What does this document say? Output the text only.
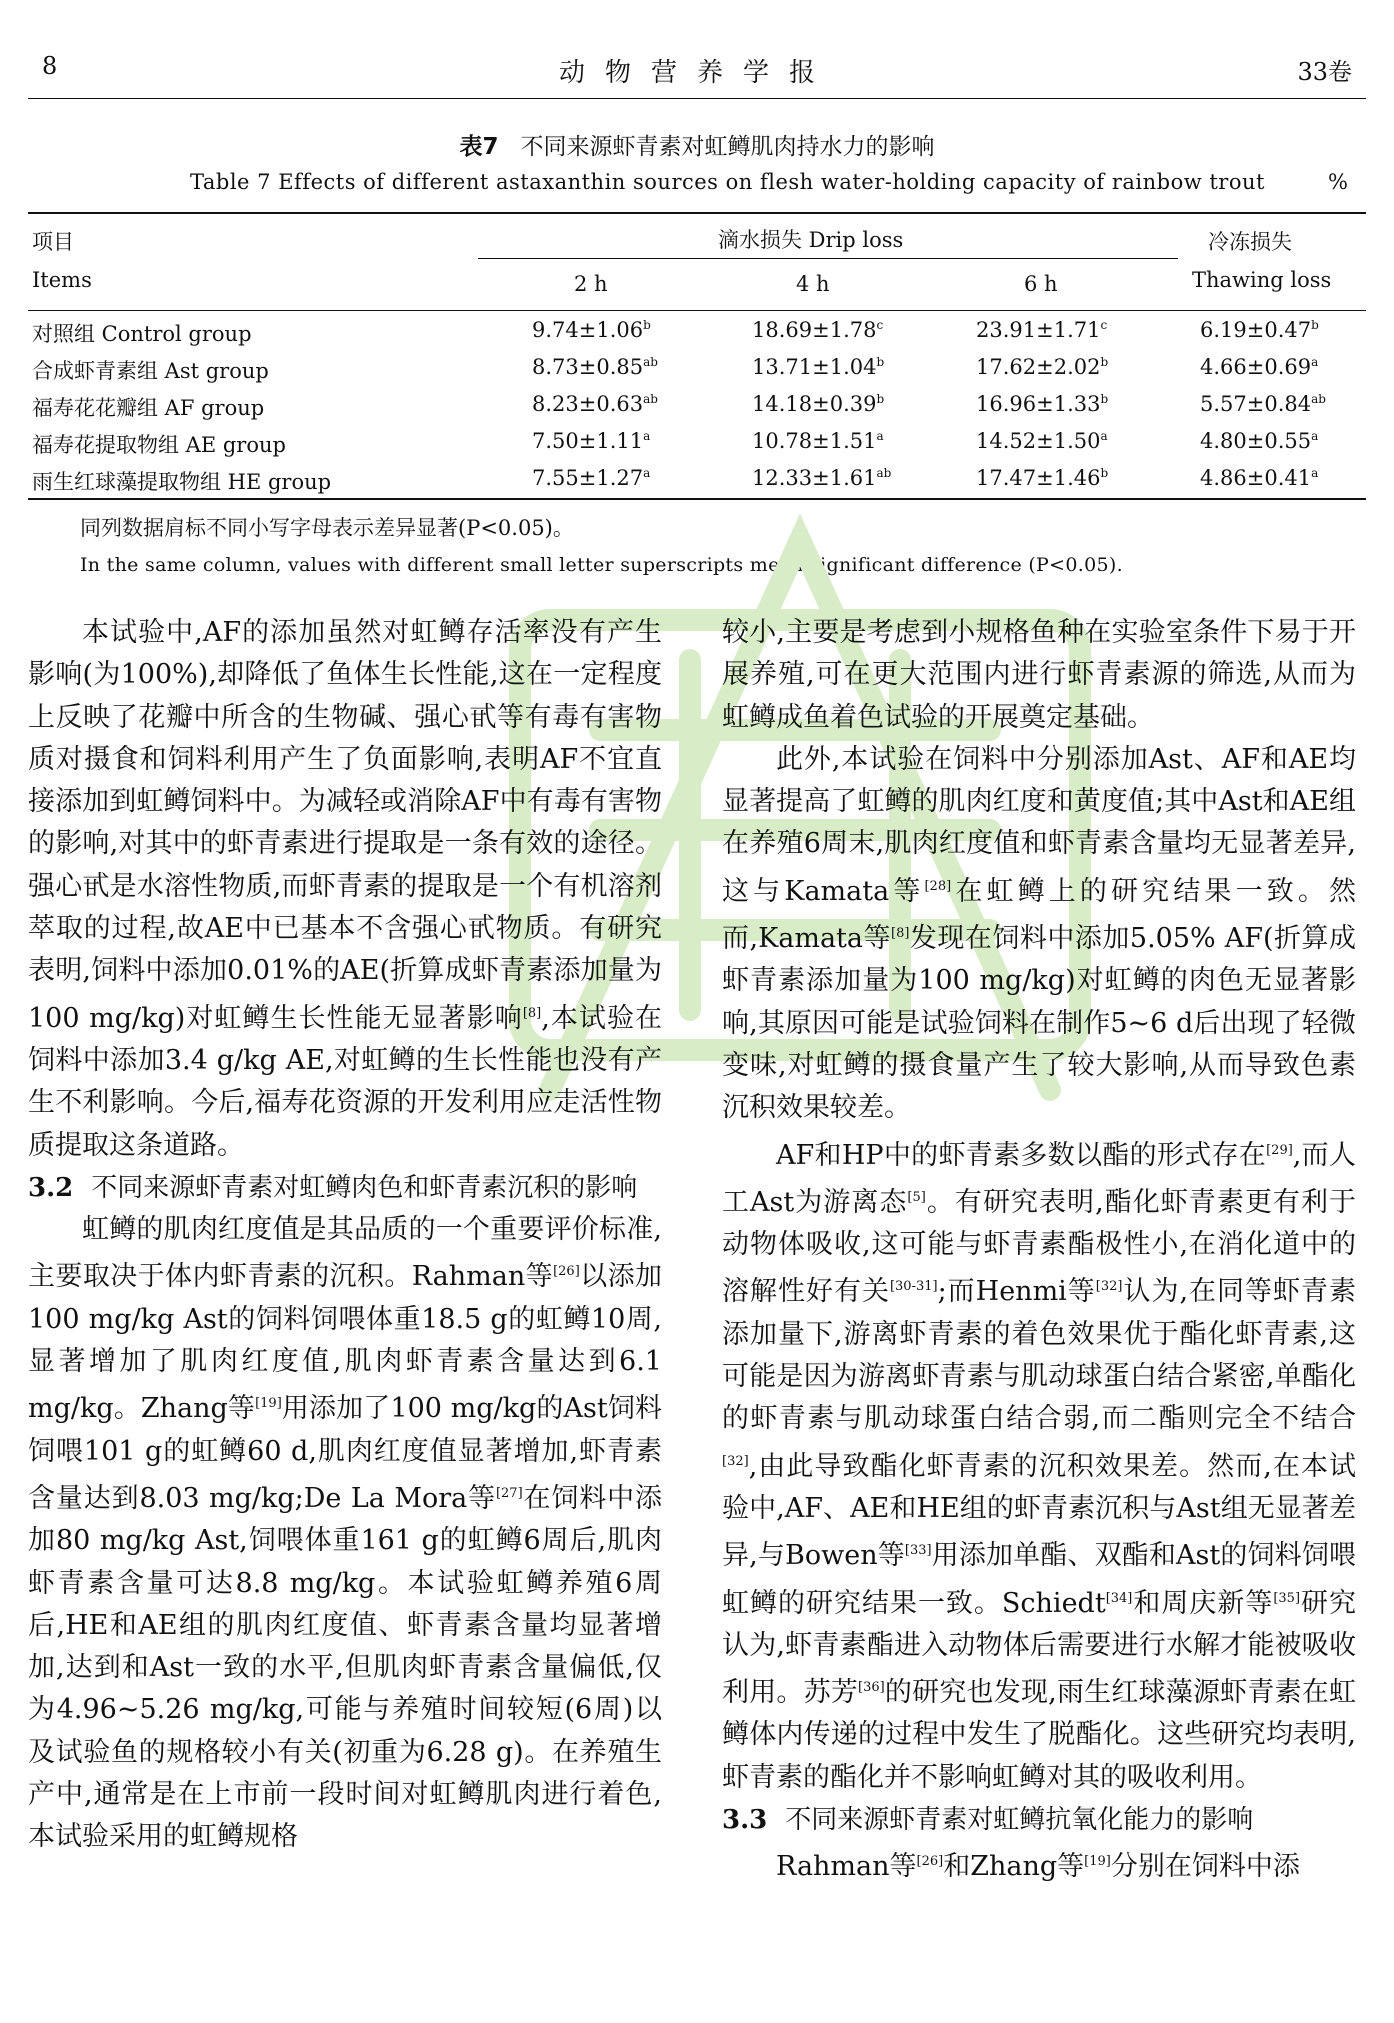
8	动物营养学报	33卷
表7 不同来源虾青素对虹鳟肌肉持水力的影响
Table 7 Effects of different astaxanthin sources on flesh water-holding capacity of rainbow trout	%
项目
Items
滴水损失 Drip loss	冷冻损失
Thawing loss
2 h	4 h	6 h
对照组 Control group	9.74±1.06$^b$	18.69±1.78$^c$	23.91±1.71$^c$	6.19±0.47$^b$
合成虾青素组 Ast group	8.73±0.85$^{ab}$	13.71±1.04$^b$	17.62±2.02$^b$	4.66±0.69$^a$
福寿花花瓣组 AF group	8.23±0.63$^{ab}$	14.18±0.39$^b$	16.96±1.33$^b$	5.57±0.84$^{ab}$
福寿花提取物组 AE group	7.50±1.11$^a$	10.78±1.51$^a$	14.52±1.50$^a$	4.80±0.55$^a$
雨生红球藻提取物组 HE group	7.55±1.27$^a$	12.33±1.61$^{ab}$	17.47±1.46$^b$	4.86±0.41$^a$
同列数据肩标不同小写字母表示差异显著(P<0.05)。
In the same column, values with different small letter superscripts mean significant difference (P<0.05).

本试验中,AF的添加虽然对虹鳟存活率没有产生影响(为100%),却降低了鱼体生长性能,这在一定程度上反映了花瓣中所含的生物碱、强心甙等有毒有害物质对摄食和饲料利用产生了负面影响,表明AF不宜直接添加到虹鳟饲料中。为减轻或消除AF中有毒有害物的影响,对其中的虾青素进行提取是一条有效的途径。强心甙是水溶性物质,而虾青素的提取是一个有机溶剂萃取的过程,故AE中已基本不含强心甙物质。有研究表明,饲料中添加0.01%的AE(折算成虾青素添加量为100 mg/kg)对虹鳟生长性能无显著影响[8],本试验在饲料中添加3.4 g/kg AE,对虹鳟的生长性能也没有产生不利影响。今后,福寿花资源的开发利用应走活性物质提取这条道路。

3.2 不同来源虾青素对虹鳟肉色和虾青素沉积的影响

虹鳟的肌肉红度值是其品质的一个重要评价标准,主要取决于体内虾青素的沉积。Rahman等[26]以添加100 mg/kg Ast的饲料饲喂体重18.5 g的虹鳟10周,显著增加了肌肉红度值,肌肉虾青素含量达到6.1 mg/kg。Zhang等[19]用添加了100 mg/kg的Ast饲料饲喂101 g的虹鳟60 d,肌肉红度值显著增加,虾青素含量达到8.03 mg/kg;De La Mora等[27]在饲料中添加80 mg/kg Ast,饲喂体重161 g的虹鳟6周后,肌肉虾青素含量可达8.8 mg/kg。本试验虹鳟养殖6周后,HE和AE组的肌肉红度值、虾青素含量均显著增加,达到和Ast一致的水平,但肌肉虾青素含量偏低,仅为4.96~5.26 mg/kg,可能与养殖时间较短(6周)以及试验鱼的规格较小有关(初重为6.28 g)。在养殖生产中,通常是在上市前一段时间对虹鳟肌肉进行着色,本试验采用的虹鳟规格

较小,主要是考虑到小规格鱼种在实验室条件下易于开展养殖,可在更大范围内进行虾青素源的筛选,从而为虹鳟成鱼着色试验的开展奠定基础。

此外,本试验在饲料中分别添加Ast、AF和AE均显著提高了虹鳟的肌肉红度和黄度值;其中Ast和AE组在养殖6周末,肌肉红度值和虾青素含量均无显著差异,这与Kamata等[28]在虹鳟上的研究结果一致。然而,Kamata等[8]发现在饲料中添加5.05% AF(折算成虾青素添加量为100 mg/kg)对虹鳟的肉色无显著影响,其原因可能是试验饲料在制作5~6 d后出现了轻微变味,对虹鳟的摄食量产生了较大影响,从而导致色素沉积效果较差。

AF和HP中的虾青素多数以酯的形式存在[29],而人工Ast为游离态[5]。有研究表明,酯化虾青素更有利于动物体吸收,这可能与虾青素酯极性小,在消化道中的溶解性好有关[30-31];而Henmi等[32]认为,在同等虾青素添加量下,游离虾青素的着色效果优于酯化虾青素,这可能是因为游离虾青素与肌动球蛋白结合紧密,单酯化的虾青素与肌动球蛋白结合弱,而二酯则完全不结合[32],由此导致酯化虾青素的沉积效果差。然而,在本试验中,AF、AE和HE组的虾青素沉积与Ast组无显著差异,与Bowen等[33]用添加单酯、双酯和Ast的饲料饲喂虹鳟的研究结果一致。Schiedt[34]和周庆新等[35]研究认为,虾青素酯进入动物体后需要进行水解才能被吸收利用。苏芳[36]的研究也发现,雨生红球藻源虾青素在虹鳟体内传递的过程中发生了脱酯化。这些研究均表明,虾青素的酯化并不影响虹鳟对其的吸收利用。

3.3 不同来源虾青素对虹鳟抗氧化能力的影响

Rahman等[26]和Zhang等[19]分别在饲料中添
